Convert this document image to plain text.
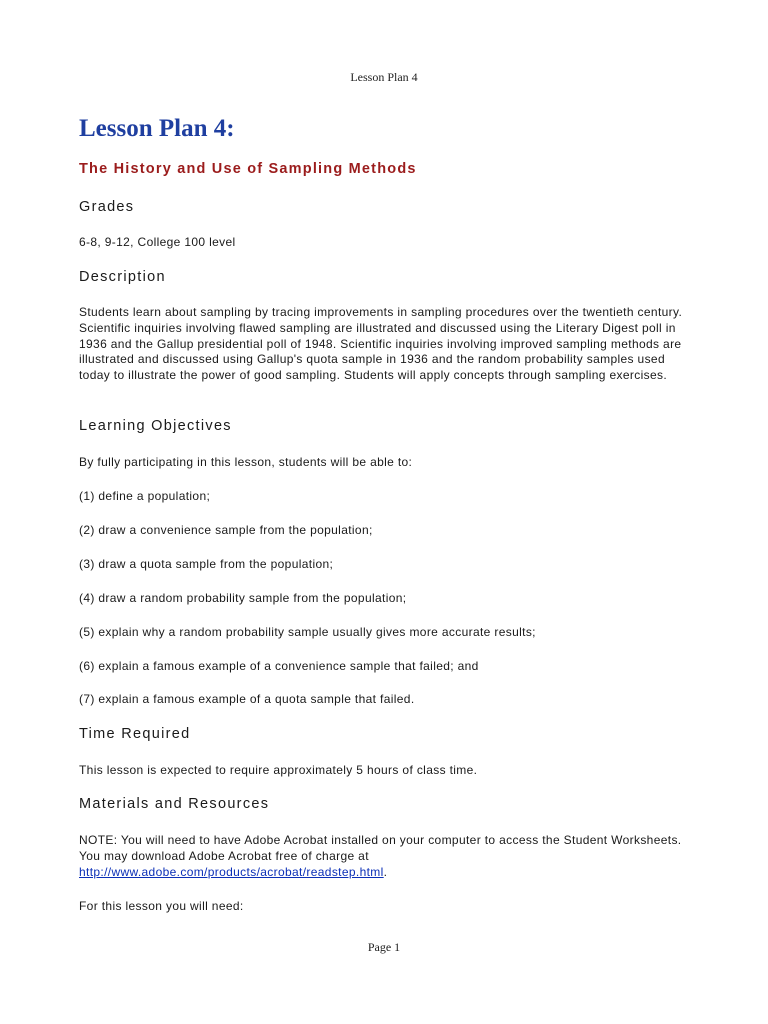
Lesson Plan 4
Lesson Plan 4:
The History and Use of Sampling Methods
Grades

6-8, 9-12, College 100 level

Description

Students learn about sampling by tracing improvements in sampling procedures over the twentieth century. Scientific inquiries involving flawed sampling are illustrated and discussed using the Literary Digest poll in 1936 and the Gallup presidential poll of 1948. Scientific inquiries involving improved sampling methods are illustrated and discussed using Gallup's quota sample in 1936 and the random probability samples used today to illustrate the power of good sampling. Students will apply concepts through sampling exercises.

Learning Objectives

By fully participating in this lesson, students will be able to:

(1) define a population;

(2) draw a convenience sample from the population;

(3) draw a quota sample from the population;

(4) draw a random probability sample from the population;

(5) explain why a random probability sample usually gives more accurate results;

(6) explain a famous example of a convenience sample that failed; and

(7) explain a famous example of a quota sample that failed.

Time Required

This lesson is expected to require approximately 5 hours of class time.

Materials and Resources

NOTE: You will need to have Adobe Acrobat installed on your computer to access the Student Worksheets. You may download Adobe Acrobat free of charge at
http://www.adobe.com/products/acrobat/readstep.html.

For this lesson you will need:

Page 1
